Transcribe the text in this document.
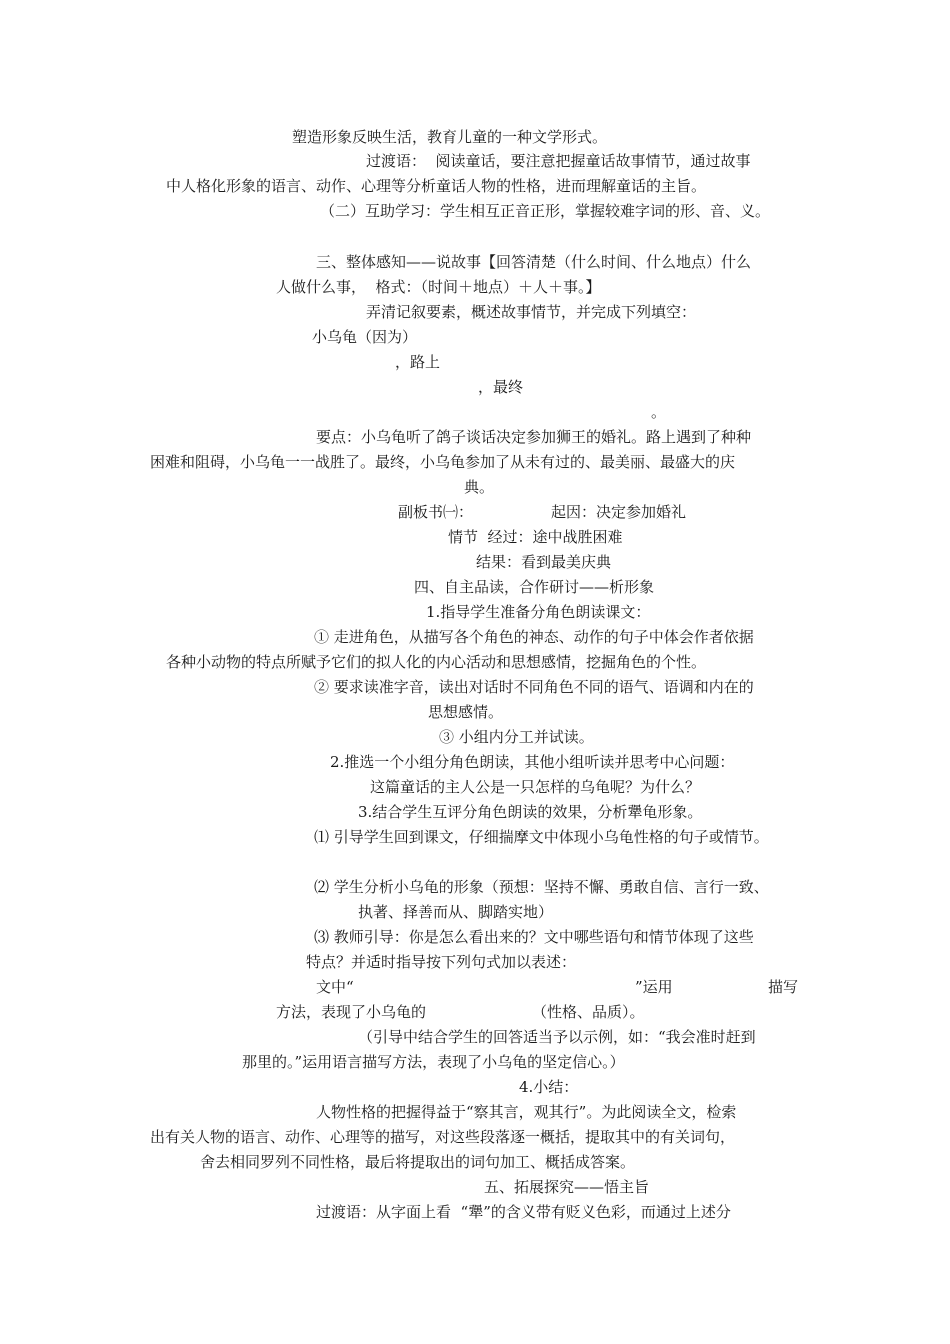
塑造形象反映生活，教育儿童的一种文学形式。
过渡语：  阅读童话，要注意把握童话故事情节，通过故事
中人格化形象的语言、动作、心理等分析童话人物的性格，进而理解童话的主旨。
（二）互助学习：学生相互正音正形，掌握较难字词的形、音、义。
三、整体感知——说故事【回答清楚（什么时间、什么地点）什么
人做什么事，  格式：（时间＋地点）＋人＋事。】
弄清记叙要素，概述故事情节，并完成下列填空：
小乌龟（因为）
，路上
，最终
。
要点：小乌龟听了鸽子谈话决定参加狮王的婚礼。路上遇到了种种
困难和阻碍，小乌龟一一战胜了。最终，小乌龟参加了从未有过的、最美丽、最盛大的庆
典。
副板书㈠：	起因：决定参加婚礼
情节  经过：途中战胜困难
结果：看到最美庆典
四、自主品读，合作研讨——析形象
1.指导学生准备分角色朗读课文：
① 走进角色，从描写各个角色的神态、动作的句子中体会作者依据
各种小动物的特点所赋予它们的拟人化的内心活动和思想感情，挖掘角色的个性。
② 要求读准字音，读出对话时不同角色不同的语气、语调和内在的
思想感情。
③ 小组内分工并试读。
2.推选一个小组分角色朗读，其他小组听读并思考中心问题：
这篇童话的主人公是一只怎样的乌龟呢？为什么？
3.结合学生互评分角色朗读的效果，分析犟龟形象。
⑴ 引导学生回到课文，仔细揣摩文中体现小乌龟性格的句子或情节。
⑵ 学生分析小乌龟的形象（预想：坚持不懈、勇敢自信、言行一致、
执著、择善而从、脚踏实地）
⑶ 教师引导：你是怎么看出来的？文中哪些语句和情节体现了这些
特点？并适时指导按下列句式加以表述：
文中“	”运用	描写
方法，表现了小乌龟的	（性格、品质）。
（引导中结合学生的回答适当予以示例，如：“我会准时赶到
那里的。”运用语言描写方法，表现了小乌龟的坚定信心。）
4.小结：
人物性格的把握得益于“察其言，观其行”。为此阅读全文，检索
出有关人物的语言、动作、心理等的描写，对这些段落逐一概括，提取其中的有关词句，
舍去相同罗列不同性格，最后将提取出的词句加工、概括成答案。
五、拓展探究——悟主旨
过渡语：从字面上看  “犟”的含义带有贬义色彩，而通过上述分
